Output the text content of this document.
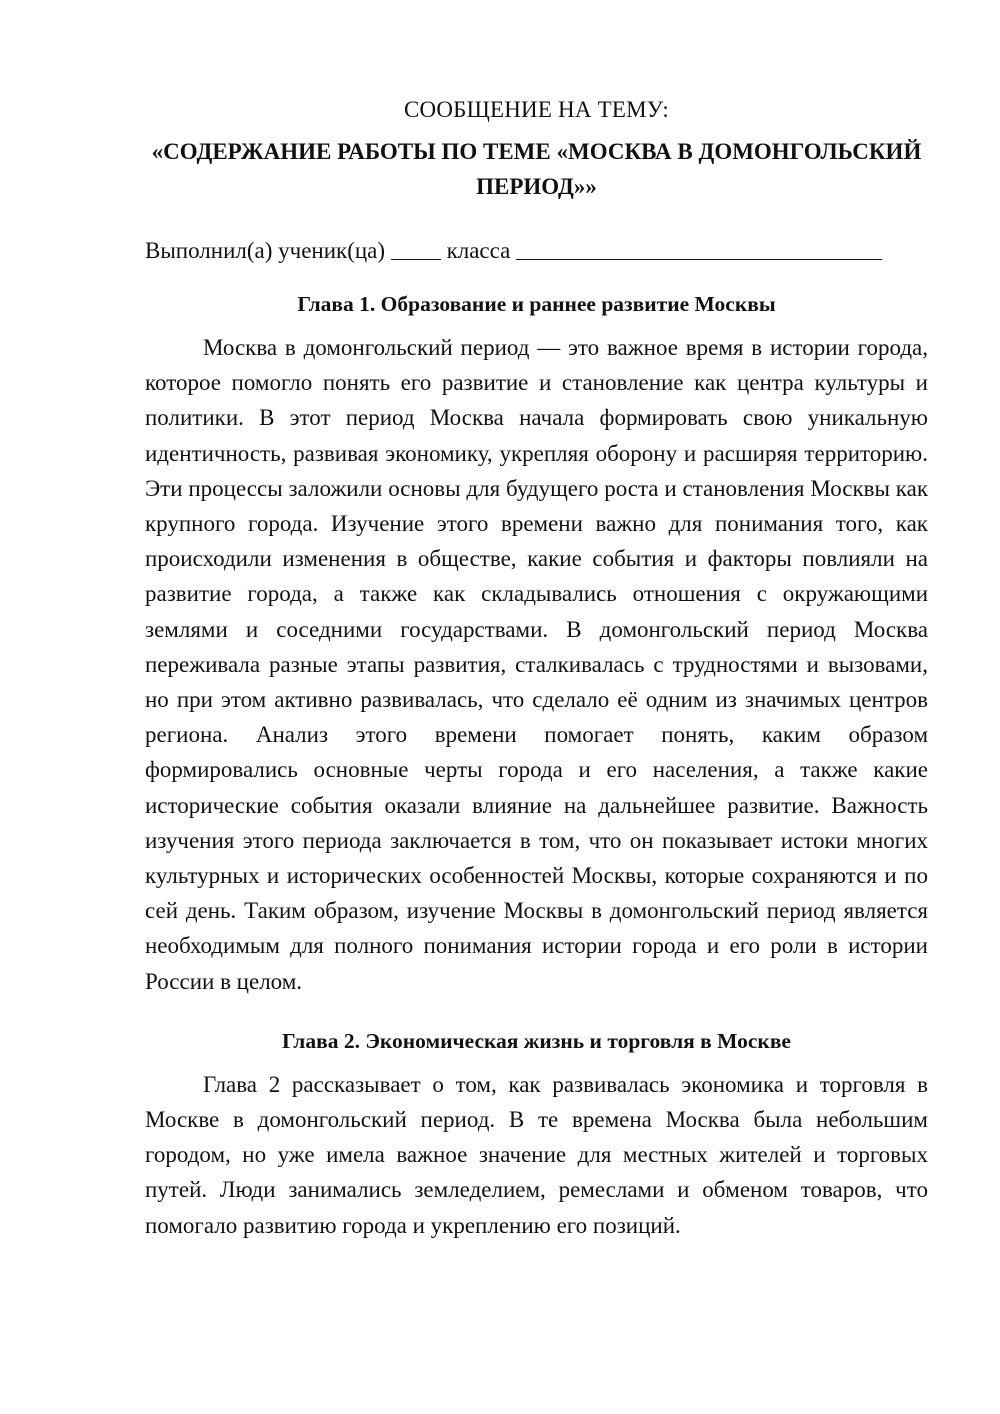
СООБЩЕНИЕ НА ТЕМУ:

«СОДЕРЖАНИЕ РАБОТЫ ПО ТЕМЕ «МОСКВА В ДОМОНГОЛЬСКИЙ ПЕРИОД»»

Выполнил(а) ученик(ца)	класса

Глава 1. Образование и раннее развитие Москвы

Москва в домонгольский период — это важное время в истории города, которое помогло понять его развитие и становление как центра культуры и политики. В этот период Москва начала формировать свою уникальную идентичность, развивая экономику, укрепляя оборону и расширяя территорию. Эти процессы заложили основы для будущего роста и становления Москвы как крупного города. Изучение этого времени важно для понимания того, как происходили изменения в обществе, какие события и факторы повлияли на развитие города, а также как складывались отношения с окружающими землями и соседними государствами. В домонгольский период Москва переживала разные этапы развития, сталкивалась с трудностями и вызовами, но при этом активно развивалась, что сделало её одним из значимых центров региона. Анализ этого времени помогает понять, каким образом формировались основные черты города и его населения, а также какие исторические события оказали влияние на дальнейшее развитие. Важность изучения этого периода заключается в том, что он показывает истоки многих культурных и исторических особенностей Москвы, которые сохраняются и по сей день. Таким образом, изучение Москвы в домонгольский период является необходимым для полного понимания истории города и его роли в истории России в целом.

Глава 2. Экономическая жизнь и торговля в Москве

Глава 2 рассказывает о том, как развивалась экономика и торговля в Москве в домонгольский период. В те времена Москва была небольшим городом, но уже имела важное значение для местных жителей и торговых путей. Люди занимались земледелием, ремеслами и обменом товаров, что помогало развитию города и укреплению его позиций.
